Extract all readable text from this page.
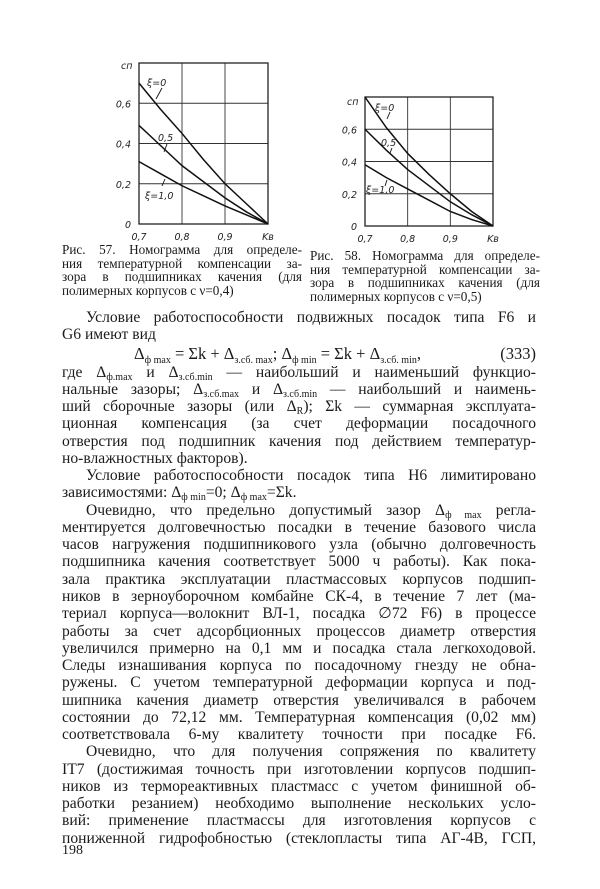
0
0,2
0,4
0,6
0,7	0,8	0,9	Kв
cп
ξ=0
0,5
ξ=1,0
0
0,2
0,4
0,6
0,7	0,8	0,9	Kв
cп
ξ=0
0,5
ξ=1,0
Рис. 57. Номограмма для определе-
ния температурной компенсации за-
зора в подшипниках качения (для
полимерных корпусов с ν=0,4)
Рис. 58. Номограмма для определе-
ния температурной компенсации за-
зора в подшипниках качения (для
полимерных корпусов с ν=0,5)
Условие работоспособности подвижных посадок типа F6 и
G6 имеют вид
$\Delta_{ф max} = \Sigma k + \Delta_{з.сб. max}$; $\Delta_{ф min} = \Sigma k + \Delta_{з.сб. min}$,	(333)
где $\Delta_{ф.max}$ и $\Delta_{з.сб.min}$ — наибольший и наименьший функцио-
нальные зазоры; $\Delta_{з.сб.max}$ и $\Delta_{з.сб.min}$ — наибольший и наимень-
ший сборочные зазоры (или $\Delta_R$); Σk — суммарная эксплуата-
ционная компенсация (за счет деформации посадочного
отверстия под подшипник качения под действием температур-
но-влажностных факторов).
Условие работоспособности посадок типа H6 лимитировано
зависимостями: $\Delta_{ф min}=0$; $\Delta_{ф max}=\Sigma k$.
Очевидно, что предельно допустимый зазор $\Delta_{ф max}$ регла-
ментируется долговечностью посадки в течение базового числа
часов нагружения подшипникового узла (обычно долговечность
подшипника качения соответствует 5000 ч работы). Как пока-
зала практика эксплуатации пластмассовых корпусов подшип-
ников в зерноуборочном комбайне СК-4, в течение 7 лет (ма-
териал корпуса—волокнит ВЛ-1, посадка ∅72 F6) в процессе
работы за счет адсорбционных процессов диаметр отверстия
увеличился примерно на 0,1 мм и посадка стала легкоходовой.
Следы изнашивания корпуса по посадочному гнезду не обна-
ружены. С учетом температурной деформации корпуса и под-
шипника качения диаметр отверстия увеличивался в рабочем
состоянии до 72,12 мм. Температурная компенсация (0,02 мм)
соответствовала 6-му квалитету точности при посадке F6.
Очевидно, что для получения сопряжения по квалитету
IT7 (достижимая точность при изготовлении корпусов подшип-
ников из термореактивных пластмасс с учетом финишной об-
работки резанием) необходимо выполнение нескольких усло-
вий: применение пластмассы для изготовления корпусов с
пониженной гидрофобностью (стеклопласты типа АГ-4В, ГСП,
198
